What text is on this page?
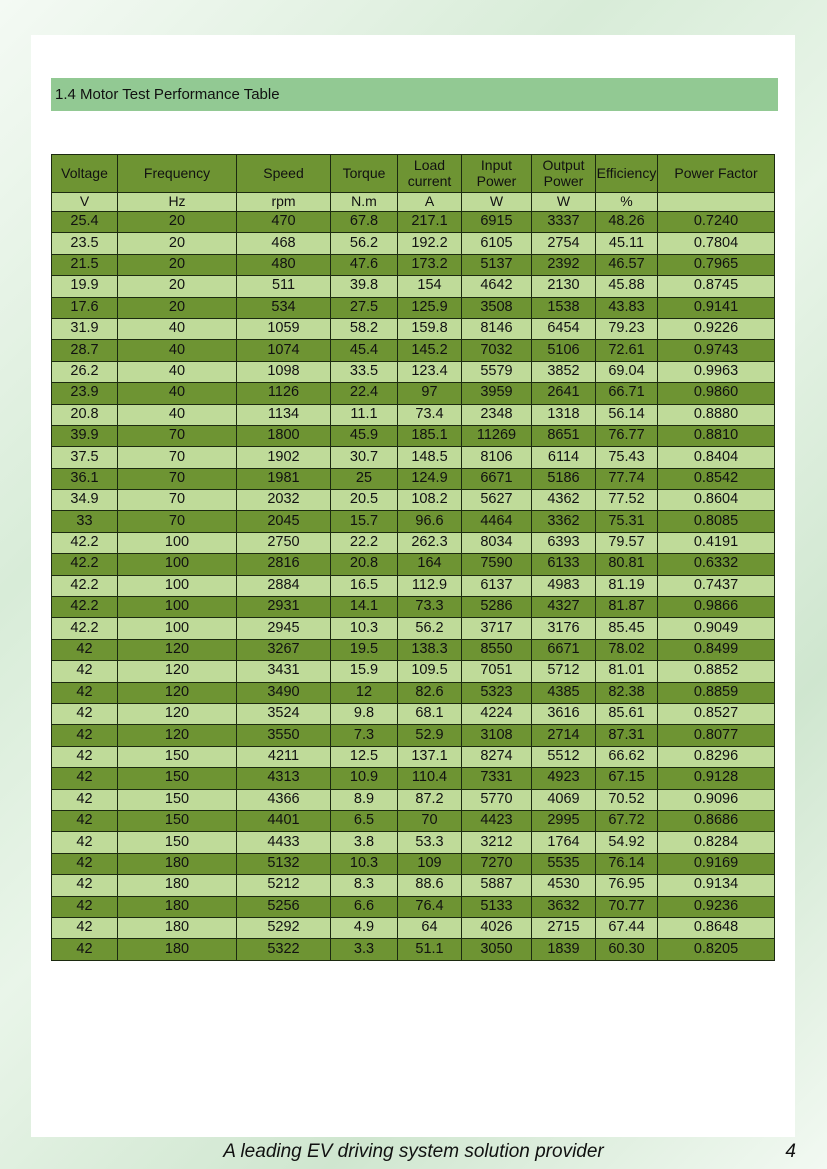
1.4 Motor Test Performance Table
Voltage	Frequency	Speed	Torque	Load current	Input Power	Output Power	Efficiency	Power Factor
V	Hz	rpm	N.m	A	W	W	%	
25.4	20	470	67.8	217.1	6915	3337	48.26	0.7240
23.5	20	468	56.2	192.2	6105	2754	45.11	0.7804
21.5	20	480	47.6	173.2	5137	2392	46.57	0.7965
19.9	20	511	39.8	154	4642	2130	45.88	0.8745
17.6	20	534	27.5	125.9	3508	1538	43.83	0.9141
31.9	40	1059	58.2	159.8	8146	6454	79.23	0.9226
28.7	40	1074	45.4	145.2	7032	5106	72.61	0.9743
26.2	40	1098	33.5	123.4	5579	3852	69.04	0.9963
23.9	40	1126	22.4	97	3959	2641	66.71	0.9860
20.8	40	1134	11.1	73.4	2348	1318	56.14	0.8880
39.9	70	1800	45.9	185.1	11269	8651	76.77	0.8810
37.5	70	1902	30.7	148.5	8106	6114	75.43	0.8404
36.1	70	1981	25	124.9	6671	5186	77.74	0.8542
34.9	70	2032	20.5	108.2	5627	4362	77.52	0.8604
33	70	2045	15.7	96.6	4464	3362	75.31	0.8085
42.2	100	2750	22.2	262.3	8034	6393	79.57	0.4191
42.2	100	2816	20.8	164	7590	6133	80.81	0.6332
42.2	100	2884	16.5	112.9	6137	4983	81.19	0.7437
42.2	100	2931	14.1	73.3	5286	4327	81.87	0.9866
42.2	100	2945	10.3	56.2	3717	3176	85.45	0.9049
42	120	3267	19.5	138.3	8550	6671	78.02	0.8499
42	120	3431	15.9	109.5	7051	5712	81.01	0.8852
42	120	3490	12	82.6	5323	4385	82.38	0.8859
42	120	3524	9.8	68.1	4224	3616	85.61	0.8527
42	120	3550	7.3	52.9	3108	2714	87.31	0.8077
42	150	4211	12.5	137.1	8274	5512	66.62	0.8296
42	150	4313	10.9	110.4	7331	4923	67.15	0.9128
42	150	4366	8.9	87.2	5770	4069	70.52	0.9096
42	150	4401	6.5	70	4423	2995	67.72	0.8686
42	150	4433	3.8	53.3	3212	1764	54.92	0.8284
42	180	5132	10.3	109	7270	5535	76.14	0.9169
42	180	5212	8.3	88.6	5887	4530	76.95	0.9134
42	180	5256	6.6	76.4	5133	3632	70.77	0.9236
42	180	5292	4.9	64	4026	2715	67.44	0.8648
42	180	5322	3.3	51.1	3050	1839	60.30	0.8205
A leading EV driving system solution provider	4
